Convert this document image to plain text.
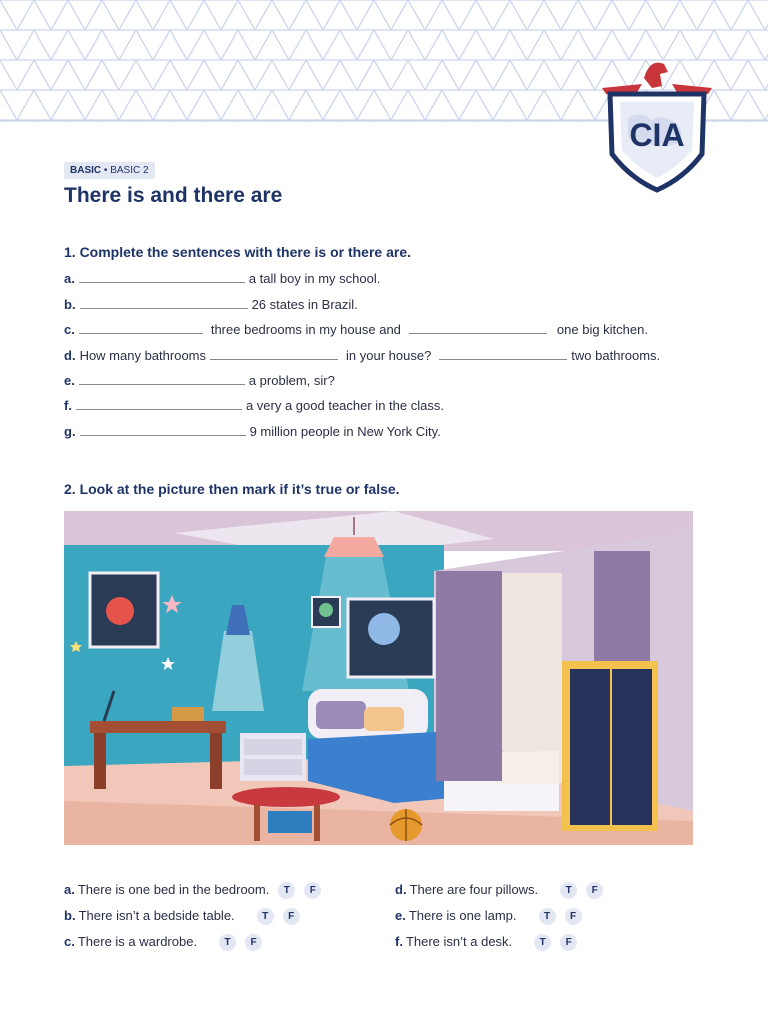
CIA
BASIC • BASIC 2
There is and there are
1. Complete the sentences with there is or there are.
a.	a tall boy in my school.
b.	26 states in Brazil.
c.	three bedrooms in my house and	one big kitchen.
d. How many bathrooms	in your house?	two bathrooms.
e.	a problem, sir?
f.	a very a good teacher in the class.
g.	9 million people in New York City.
2. Look at the picture then mark if it’s true or false.
a. There is one bed in the bedroom. T F
b. There isn’t a bedside table.	T F
c. There is a wardrobe.	T F
d. There are four pillows.	T F
e. There is one lamp.	T F
f. There isn’t a desk.	T F
